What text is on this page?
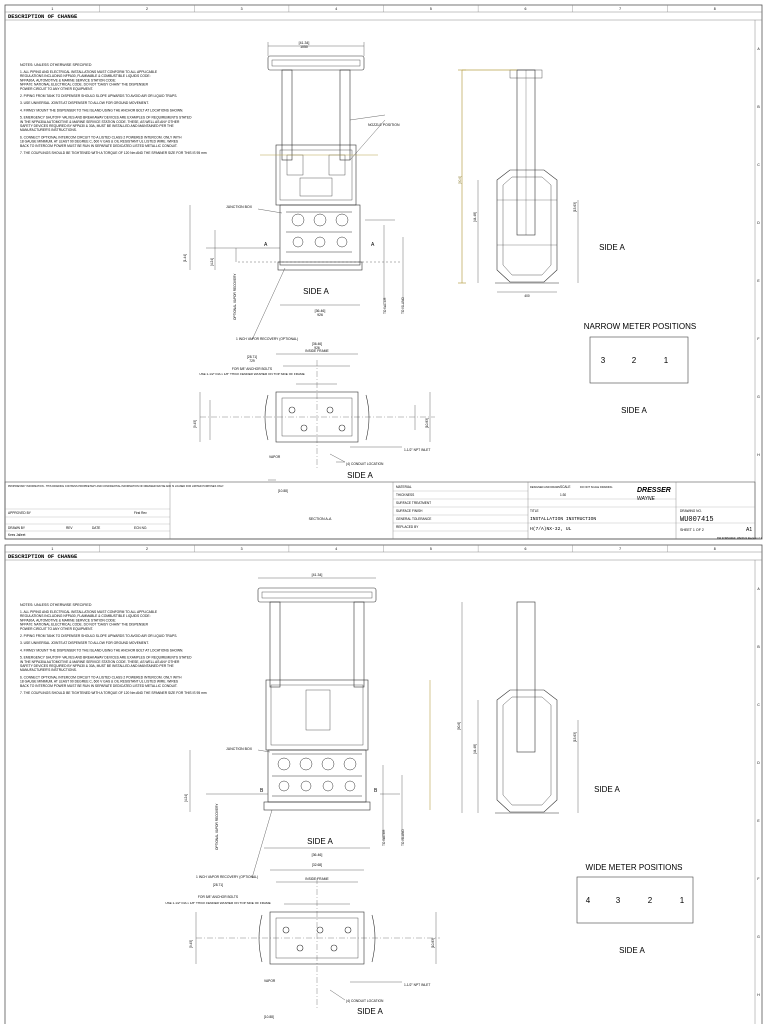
1	2	3	4	5	6	7	8
A
B
C
D
E
F
G
H
DESCRIPTION OF CHANGE
NOTES: UNLESS OTHERWISE SPECIFIED
1. ALL PIPING AND ELECTRICAL INSTALLATIONS MUST CONFORM TO ALL APPLICABLE
REGULATIONS INCLUDING NFPA30, FLAMMABLE & COMBUSTIBLE LIQUIDS CODE:
NFPA30A, AUTOMOTIVE & MARINE SERVICE STATION CODE:
NFPA70: NATIONAL ELECTRICAL CODE. DO NOT "DAISY CHAIN" THE DISPENSER
POWER CIRCUIT TO ANY OTHER EQUIPMENT.
2. PIPING FROM TANK TO DISPENSER SHOULD SLOPE UPWARDS TO AVOID AIR OR LIQUID TRAPS.
3. USE UNIVERSAL JOINTS AT DISPENSER TO ALLOW FOR GROUND MOVEMENT.
4. FIRMLY MOUNT THE DISPENSER TO THE ISLAND USING THE ANCHOR BOLT AT LOCATIONS SHOWN.
5. EMERGENCY SHUTOFF VALVES AND BREAKAWAY DEVICES ARE EXAMPLES OF REQUIREMENTS STATED
IN THE NFPA30A AUTOMOTIVE & MARINE SERVICE STATION CODE. THESE, AS WELL AS ANY OTHER
SAFETY DEVICES REQUIRED BY NFPA30 & 30A, MUST BE INSTALLED AND MAINTAINED PER THE
MANUFACTURER'S INSTRUCTIONS.
6. CONNECT OPTIONAL INTERCOM CIRCUIT TO A LISTED CLASS 2 POWERED INTERCOM. ONLY WITH
18 GAUGE MINIMUM, AT LEAST 90 DEGREE C, 600 V GAS & OIL RESISTANT UL LISTED WIRE. WIRES
BACK TO INTERCOM POWER MUST BE RUN IN SEPARATE DEDICATED LISTED METALLIC CONDUIT.
7. THE COUPLINGS SHOULD BE TIGHTENED WITH A TORQUE OF 120 Nm AND THE SPANNER SIZE FOR THIS IS 95 mm
[41.34] 1050
NOZZLE POSITION
JUNCTION BOX
SIDE A
[36.46] 926
1 INCH VAPOR RECOVERY (OPTIONAL)
A	A
[1.44]
[4.24]
TO WATER	TO ISLAND
OPTIONAL VAPOR RECOVERY
[90.6]
[44.48]
[15.63]
400
SIDE A
NARROW METER POSITIONS
3	2	1
SIDE A
[36.46] 926
INSIDE FRAME
[28.71] 729
FOR 5/8" ANCHOR BOLTS
USE 1-1/2" DIA x 1/8" THICK FENDER WASHER ON TOP SIDE OF FRAME
1-1/2" NPT INLET
(4) CONDUIT LOCATION
VAPOR
SIDE A
SECTION A-A
[9.45]	[10.83]
[10.88]
PROPRIETARY INFORMATION - THIS DRAWING CONTAINS PROPRIETARY AND CONFIDENTIAL INFORMATION OF DRESSER WAYNE AND IS LOANED FOR LIMITED PURPOSES ONLY.
APPROVED BY
DRAWN BY
Kees Jalleet
REV	DATE	ECN NO.
First Rev
MATERIAL
THICKNESS
SURFACE TREATMENT
SURFACE FINISH
GENERAL TOLERANCE
REPLACED BY
DESIGNED AND DRAWN SCALE
1:30
DO NOT SCALE DRAWING	DRESSER
WAYNE
TITLE
INSTALLATION INSTRUCTION
H(7/A)NX-32, UL
DRAWING NO.
WU007415
SHEET 1 OF 2	A1
DW FORM-REF: WE0024 Revision 2.1
1	2	3	4	5	6	7	8
A
B
C
D
E
F
G
H
DESCRIPTION OF CHANGE
NOTES: UNLESS OTHERWISE SPECIFIED
1. ALL PIPING AND ELECTRICAL INSTALLATIONS MUST CONFORM TO ALL APPLICABLE
REGULATIONS INCLUDING NFPA30, FLAMMABLE & COMBUSTIBLE LIQUIDS CODE:
NFPA30A, AUTOMOTIVE & MARINE SERVICE STATION CODE:
NFPA70: NATIONAL ELECTRICAL CODE. DO NOT "DAISY CHAIN" THE DISPENSER
POWER CIRCUIT TO ANY OTHER EQUIPMENT.
2. PIPING FROM TANK TO DISPENSER SHOULD SLOPE UPWARDS TO AVOID AIR OR LIQUID TRAPS.
3. USE UNIVERSAL JOINTS AT DISPENSER TO ALLOW FOR GROUND MOVEMENT.
4. FIRMLY MOUNT THE DISPENSER TO THE ISLAND USING THE ANCHOR BOLT AT LOCATIONS SHOWN.
5. EMERGENCY SHUTOFF VALVES AND BREAKAWAY DEVICES ARE EXAMPLES OF REQUIREMENTS STATED
IN THE NFPA30A AUTOMOTIVE & MARINE SERVICE STATION CODE. THESE, AS WELL AS ANY OTHER
SAFETY DEVICES REQUIRED BY NFPA30 & 30A, MUST BE INSTALLED AND MAINTAINED PER THE
MANUFACTURER'S INSTRUCTIONS.
6. CONNECT OPTIONAL INTERCOM CIRCUIT TO A LISTED CLASS 2 POWERED INTERCOM. ONLY WITH
18 GAUGE MINIMUM, AT LEAST 90 DEGREE C, 600 V GAS & OIL RESISTANT UL LISTED WIRE. WIRES
BACK TO INTERCOM POWER MUST BE RUN IN SEPARATE DEDICATED LISTED METALLIC CONDUIT.
7. THE COUPLINGS SHOULD BE TIGHTENED WITH A TORQUE OF 120 Nm AND THE SPANNER SIZE FOR THIS IS 95 mm
[41.34]
JUNCTION BOX
SIDE A
[36.46]
1 INCH VAPOR RECOVERY (OPTIONAL)
B	B
[4.24]
TO WATER	TO ISLAND
OPTIONAL VAPOR RECOVERY
[90.6]
[44.48]
[15.63]
SIDE A
WIDE METER POSITIONS
4	3	2	1
SIDE A
[32.68]
INSIDE FRAME
[28.71]
FOR 5/8" ANCHOR BOLTS
USE 1-1/2" DIA x 1/8" THICK FENDER WASHER ON TOP SIDE OF FRAME
1-1/2" NPT INLET
(4) CONDUIT LOCATION
VAPOR
SIDE A
[9.45]	[10.83]
[10.88]
